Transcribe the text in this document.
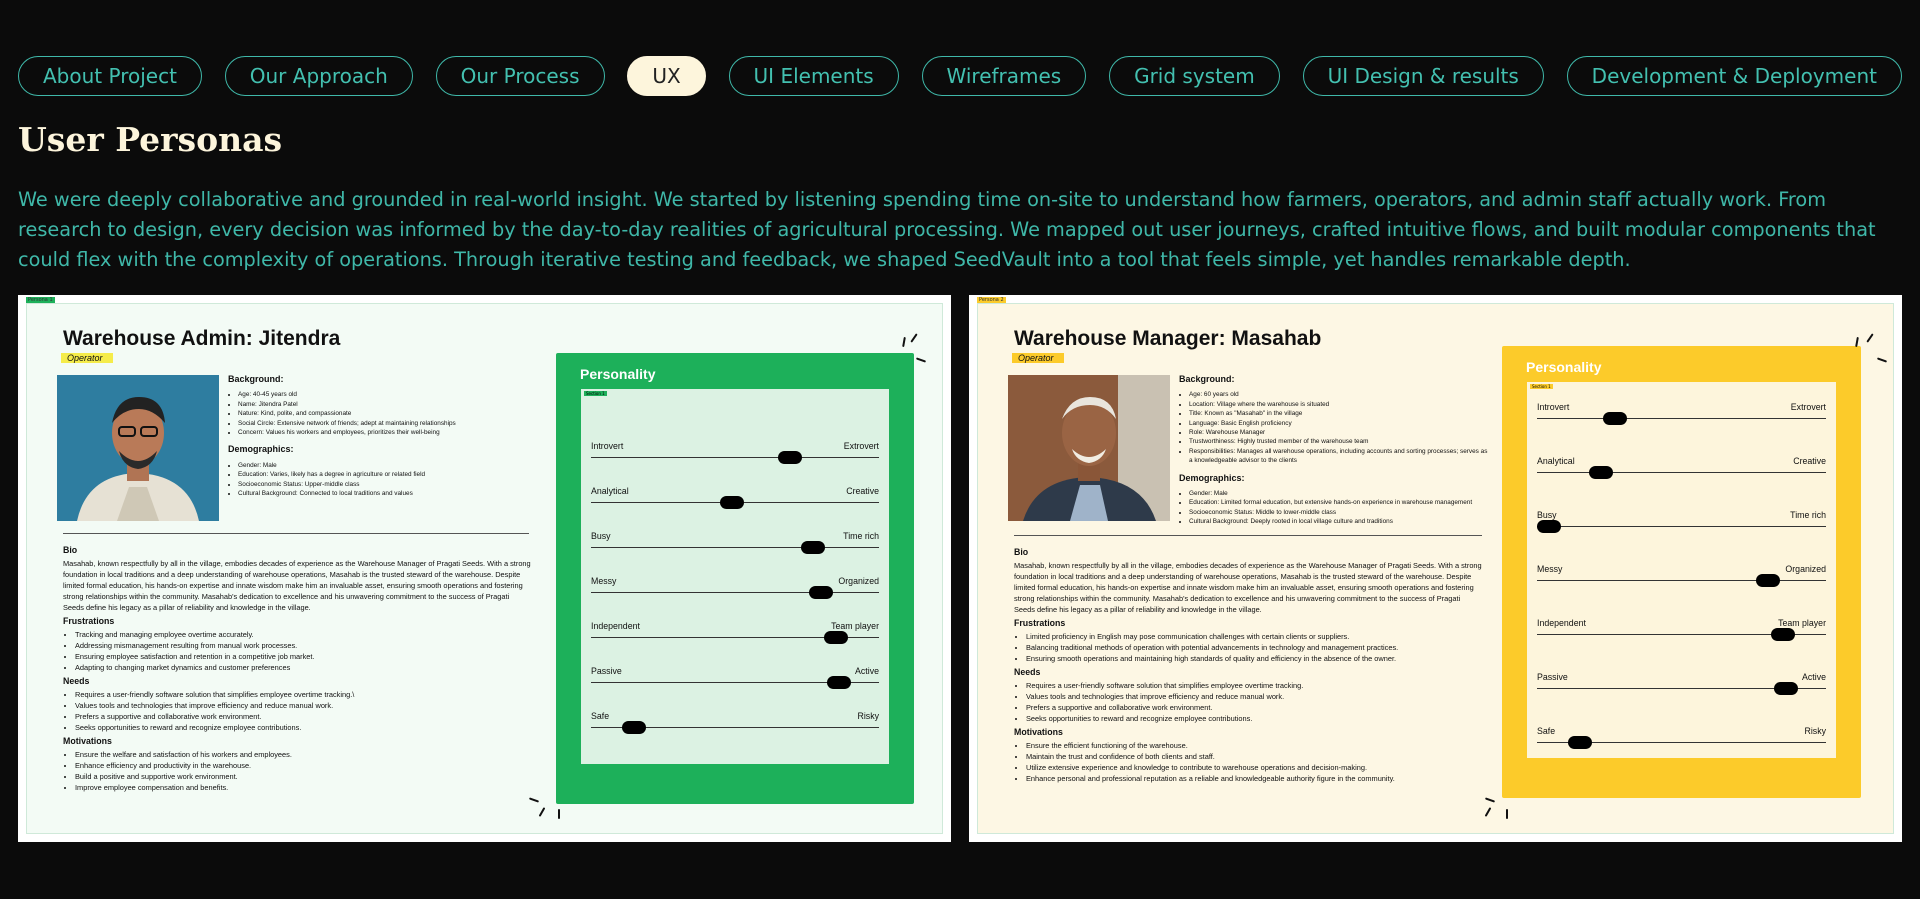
About Project	Our Approach	Our Process	UX	UI Elements	Wireframes	Grid system	UI Design & results	Development & Deployment
User Personas

We were deeply collaborative and grounded in real-world insight. We started by listening spending time on-site to understand how farmers, operators, and admin staff actually work. From research to design, every decision was informed by the day-to-day realities of agricultural processing. We mapped out user journeys, crafted intuitive flows, and built modular components that could flex with the complexity of operations. Through iterative testing and feedback, we shaped SeedVault into a tool that feels simple, yet handles remarkable depth.

Persona 1
Warehouse Admin: Jitendra
Operator
Background:
• Age: 40-45 years old
• Name: Jitendra Patel
• Nature: Kind, polite, and compassionate
• Social Circle: Extensive network of friends; adept at maintaining relationships
• Concern: Values his workers and employees, prioritizes their well-being
Demographics:
• Gender: Male
• Education: Varies, likely has a degree in agriculture or related field
• Socioeconomic Status: Upper-middle class
• Cultural Background: Connected to local traditions and values
Bio

Masahab, known respectfully by all in the village, embodies decades of experience as the Warehouse Manager of Pragati Seeds. With a strong foundation in local traditions and a deep understanding of warehouse operations, Masahab is the trusted steward of the warehouse. Despite limited formal education, his hands-on expertise and innate wisdom make him an invaluable asset, ensuring smooth operations and fostering strong relationships within the community. Masahab's dedication to excellence and his unwavering commitment to the success of Pragati Seeds define his legacy as a pillar of reliability and knowledge in the village.

Frustrations
• Tracking and managing employee overtime accurately.
• Addressing mismanagement resulting from manual work processes.
• Ensuring employee satisfaction and retention in a competitive job market.
• Adapting to changing market dynamics and customer preferences
Needs
• Requires a user-friendly software solution that simplifies employee overtime tracking.\
• Values tools and technologies that improve efficiency and reduce manual work.
• Prefers a supportive and collaborative work environment.
• Seeks opportunities to reward and recognize employee contributions.
Motivations
• Ensure the welfare and satisfaction of his workers and employees.
• Enhance efficiency and productivity in the warehouse.
• Build a positive and supportive work environment.
• Improve employee compensation and benefits.
Personality
Section 1
Introvert	Extrovert
Analytical	Creative
Busy	Time rich
Messy	Organized
Independent	Team player
Passive	Active
Safe	Risky
Persona 2
Warehouse Manager: Masahab
Operator
Background:
• Age: 60 years old
• Location: Village where the warehouse is situated
• Title: Known as "Masahab" in the village
• Language: Basic English proficiency
• Role: Warehouse Manager
• Trustworthiness: Highly trusted member of the warehouse team
• Responsibilities: Manages all warehouse operations, including accounts and sorting processes; serves as a knowledgeable advisor to the clients
Demographics:
• Gender: Male
• Education: Limited formal education, but extensive hands-on experience in warehouse management
• Socioeconomic Status: Middle to lower-middle class
• Cultural Background: Deeply rooted in local village culture and traditions
Bio

Masahab, known respectfully by all in the village, embodies decades of experience as the Warehouse Manager of Pragati Seeds. With a strong foundation in local traditions and a deep understanding of warehouse operations, Masahab is the trusted steward of the warehouse. Despite limited formal education, his hands-on expertise and innate wisdom make him an invaluable asset, ensuring smooth operations and fostering strong relationships within the community. Masahab's dedication to excellence and his unwavering commitment to the success of Pragati Seeds define his legacy as a pillar of reliability and knowledge in the village.

Frustrations
• Limited proficiency in English may pose communication challenges with certain clients or suppliers.
• Balancing traditional methods of operation with potential advancements in technology and management practices.
• Ensuring smooth operations and maintaining high standards of quality and efficiency in the absence of the owner.
Needs
• Requires a user-friendly software solution that simplifies employee overtime tracking.
• Values tools and technologies that improve efficiency and reduce manual work.
• Prefers a supportive and collaborative work environment.
• Seeks opportunities to reward and recognize employee contributions.
Motivations
• Ensure the efficient functioning of the warehouse.
• Maintain the trust and confidence of both clients and staff.
• Utilize extensive experience and knowledge to contribute to warehouse operations and decision-making.
• Enhance personal and professional reputation as a reliable and knowledgeable authority figure in the community.
Personality
Section 1
Introvert	Extrovert
Analytical	Creative
Busy	Time rich
Messy	Organized
Independent	Team player
Passive	Active
Safe	Risky
